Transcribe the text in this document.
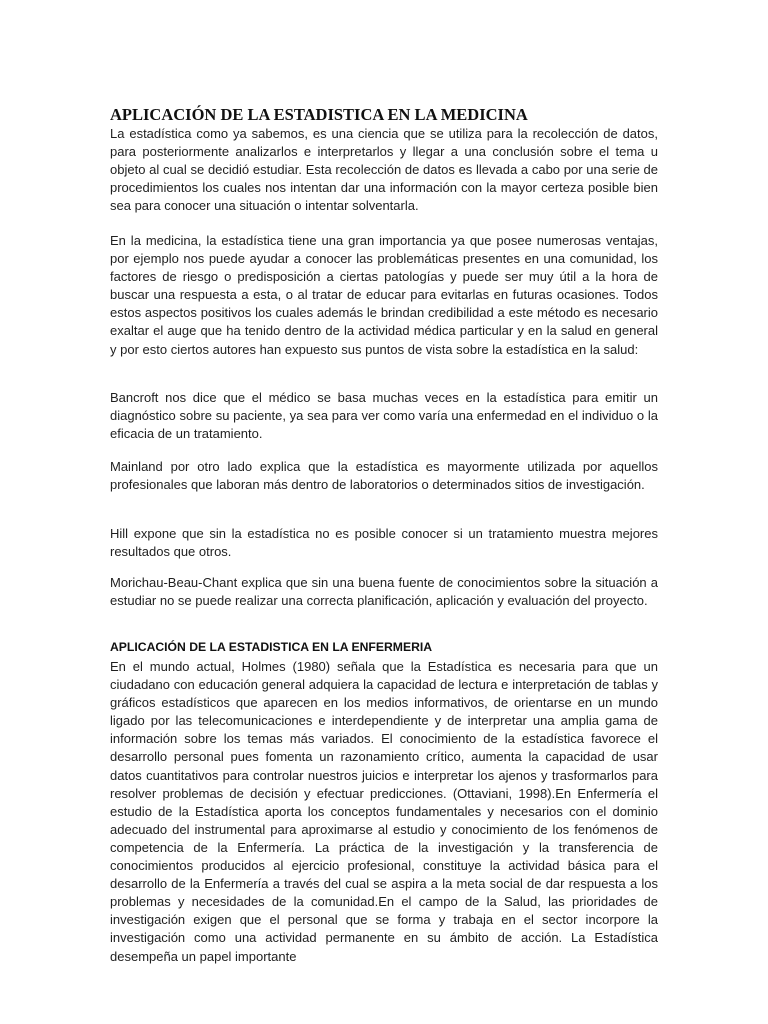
APLICACIÓN DE LA ESTADISTICA EN LA MEDICINA

La estadística como ya sabemos, es una ciencia que se utiliza para la recolección de datos, para posteriormente analizarlos e interpretarlos y llegar a una conclusión sobre el tema u objeto al cual se decidió estudiar. Esta recolección de datos es llevada a cabo por una serie de procedimientos los cuales nos intentan dar una información con la mayor certeza posible bien sea para conocer una situación o intentar solventarla.

En la medicina, la estadística tiene una gran importancia ya que posee numerosas ventajas, por ejemplo nos puede ayudar a conocer las problemáticas presentes en una comunidad, los factores de riesgo o predisposición a ciertas patologías y puede ser muy útil a la hora de buscar una respuesta a esta, o al tratar de educar para evitarlas en futuras ocasiones. Todos estos aspectos positivos los cuales además le brindan credibilidad a este método es necesario exaltar el auge que ha tenido dentro de la actividad médica particular y en la salud en general y por esto ciertos autores han expuesto sus puntos de vista sobre la estadística en la salud:

Bancroft nos dice que el médico se basa muchas veces en la estadística para emitir un diagnóstico sobre su paciente, ya sea para ver como varía una enfermedad en el individuo o la eficacia de un tratamiento.

Mainland por otro lado explica que la estadística es mayormente utilizada por aquellos profesionales que laboran más dentro de laboratorios o determinados sitios de investigación.

Hill expone que sin la estadística no es posible conocer si un tratamiento muestra mejores resultados que otros.

Morichau-Beau-Chant explica que sin una buena fuente de conocimientos sobre la situación a estudiar no se puede realizar una correcta planificación, aplicación y evaluación del proyecto.

APLICACIÓN DE LA ESTADISTICA EN LA ENFERMERIA

En el mundo actual, Holmes (1980) señala que la Estadística es necesaria para que un ciudadano con educación general adquiera la capacidad de lectura e interpretación de tablas y gráficos estadísticos que aparecen en los medios informativos, de orientarse en un mundo ligado por las telecomunicaciones e interdependiente y de interpretar una amplia gama de información sobre los temas más variados. El conocimiento de la estadística favorece el desarrollo personal pues fomenta un razonamiento crítico, aumenta la capacidad de usar datos cuantitativos para controlar nuestros juicios e interpretar los ajenos y trasformarlos para resolver problemas de decisión y efectuar predicciones. (Ottaviani, 1998).En Enfermería el estudio de la Estadística aporta los conceptos fundamentales y necesarios con el dominio adecuado del instrumental para aproximarse al estudio y conocimiento de los fenómenos de competencia de la Enfermería. La práctica de la investigación y la transferencia de conocimientos producidos al ejercicio profesional, constituye la actividad básica para el desarrollo de la Enfermería a través del cual se aspira a la meta social de dar respuesta a los problemas y necesidades de la comunidad.En el campo de la Salud, las prioridades de investigación exigen que el personal que se forma y trabaja en el sector incorpore la investigación como una actividad permanente en su ámbito de acción. La Estadística desempeña un papel importante
